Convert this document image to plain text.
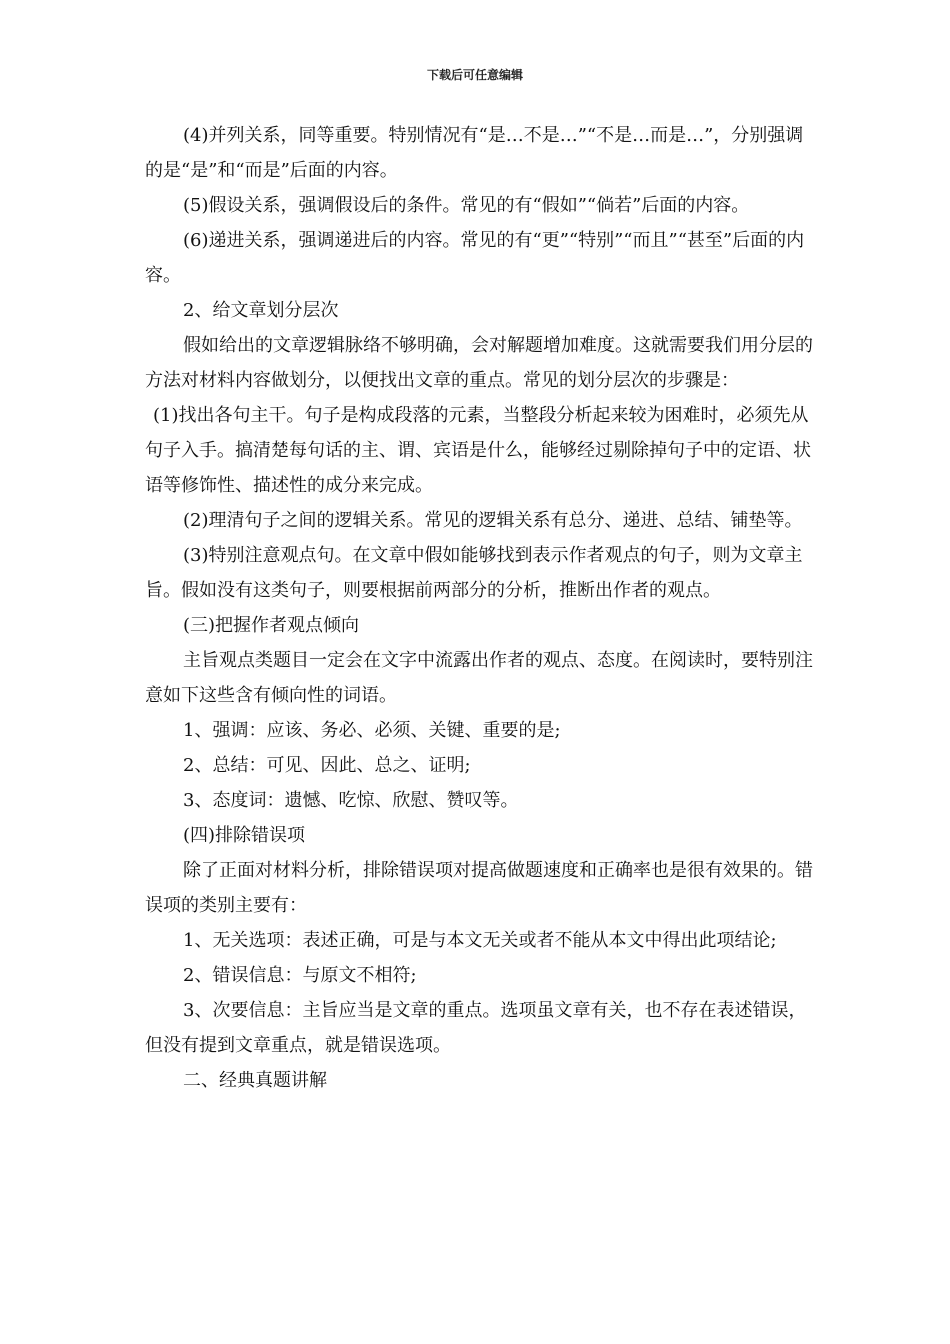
下载后可任意编辑

(4)并列关系，同等重要。特别情况有“是…不是…”“不是…而是…”，分别强调的是“是”和“而是”后面的内容。

(5)假设关系，强调假设后的条件。常见的有“假如”“倘若”后面的内容。

(6)递进关系，强调递进后的内容。常见的有“更”“特别”“而且”“甚至”后面的内容。

2、给文章划分层次

假如给出的文章逻辑脉络不够明确，会对解题增加难度。这就需要我们用分层的方法对材料内容做划分，以便找出文章的重点。常见的划分层次的步骤是：

(1)找出各句主干。句子是构成段落的元素，当整段分析起来较为困难时，必须先从句子入手。搞清楚每句话的主、谓、宾语是什么，能够经过剔除掉句子中的定语、状语等修饰性、描述性的成分来完成。

(2)理清句子之间的逻辑关系。常见的逻辑关系有总分、递进、总结、铺垫等。

(3)特别注意观点句。在文章中假如能够找到表示作者观点的句子，则为文章主旨。假如没有这类句子，则要根据前两部分的分析，推断出作者的观点。

(三)把握作者观点倾向

主旨观点类题目一定会在文字中流露出作者的观点、态度。在阅读时，要特别注意如下这些含有倾向性的词语。

1、强调：应该、务必、必须、关键、重要的是;

2、总结：可见、因此、总之、证明;

3、态度词：遗憾、吃惊、欣慰、赞叹等。

(四)排除错误项

除了正面对材料分析，排除错误项对提高做题速度和正确率也是很有效果的。错误项的类别主要有：

1、无关选项：表述正确，可是与本文无关或者不能从本文中得出此项结论;

2、错误信息：与原文不相符;

3、次要信息：主旨应当是文章的重点。选项虽文章有关，也不存在表述错误，但没有提到文章重点，就是错误选项。

二、经典真题讲解
